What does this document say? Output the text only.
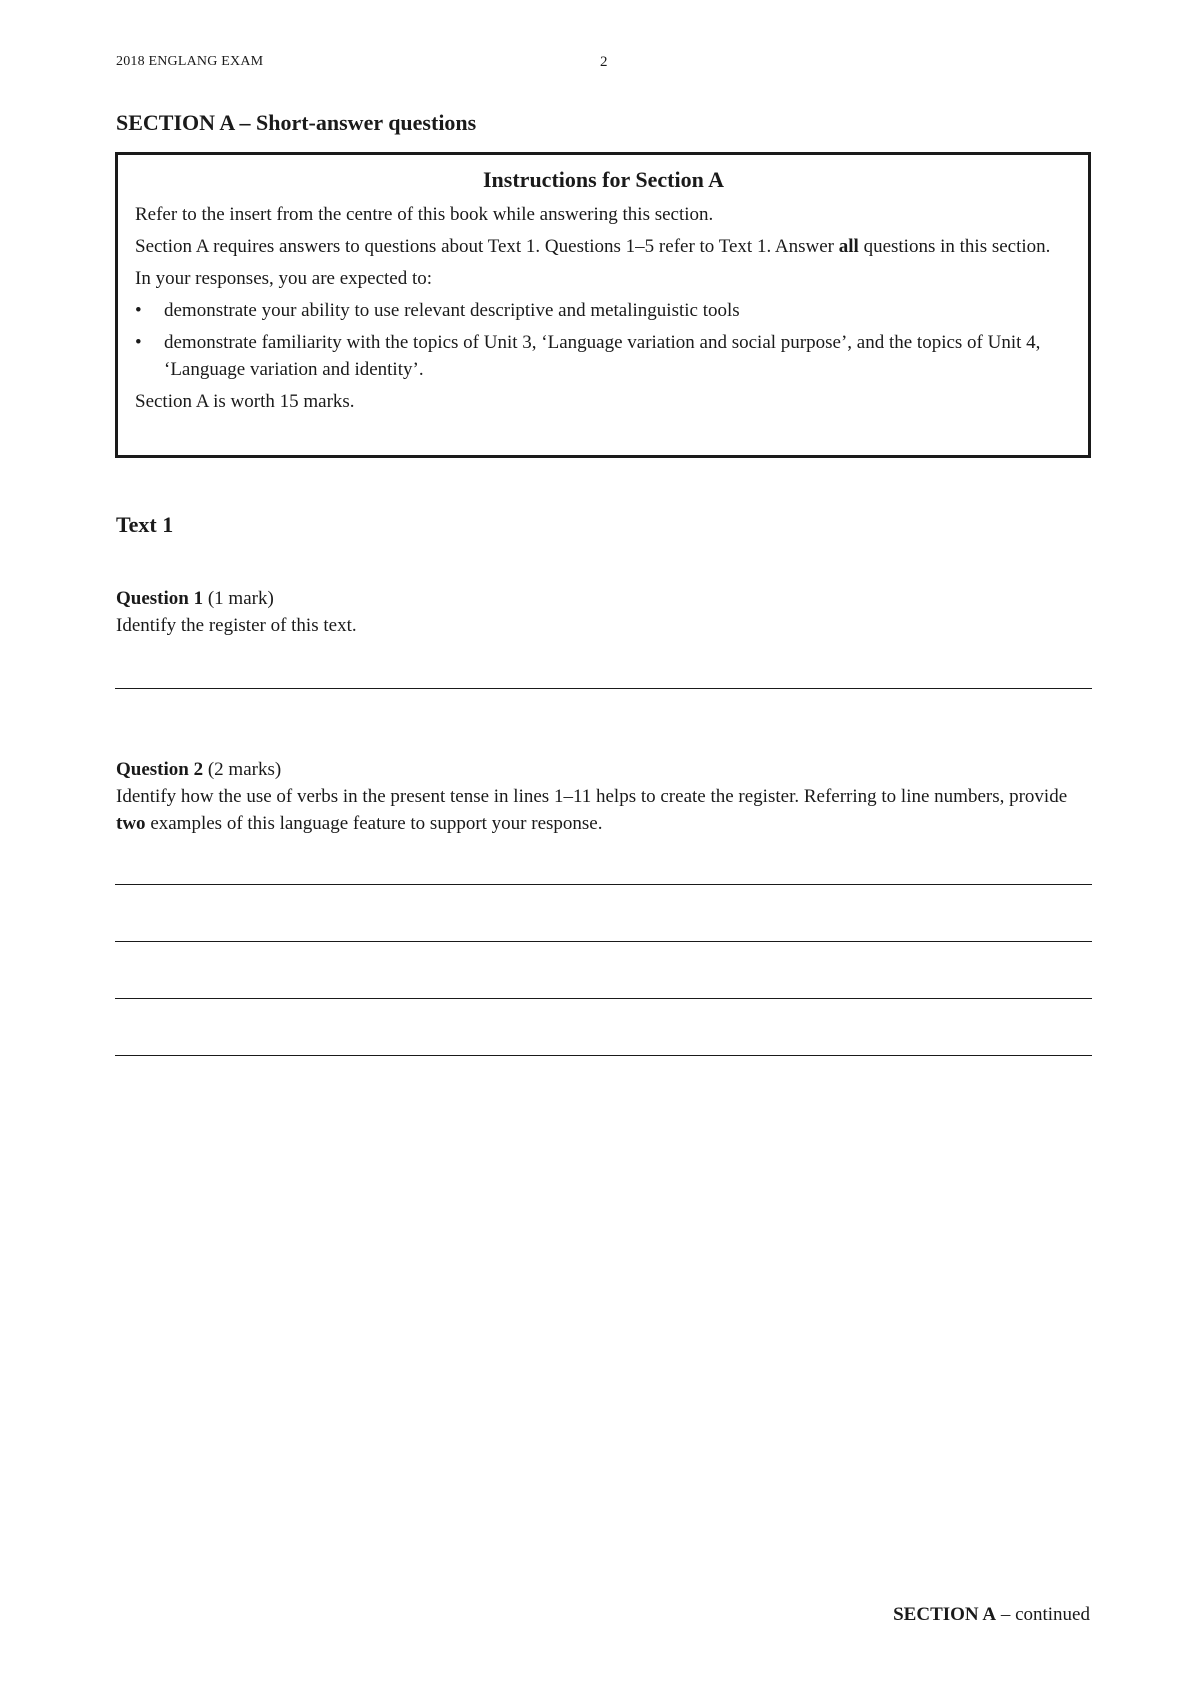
2018 ENGLANG EXAM	2
SECTION A – Short-answer questions
Instructions for Section A

Refer to the insert from the centre of this book while answering this section.

Section A requires answers to questions about Text 1. Questions 1–5 refer to Text 1. Answer all questions in this section.

In your responses, you are expected to:

• demonstrate your ability to use relevant descriptive and metalinguistic tools
• demonstrate familiarity with the topics of Unit 3, ‘Language variation and social purpose’, and the topics of Unit 4, ‘Language variation and identity’.

Section A is worth 15 marks.

Text 1

Question 1 (1 mark)

Identify the register of this text.

Question 2 (2 marks)

Identify how the use of verbs in the present tense in lines 1–11 helps to create the register. Referring to line numbers, provide two examples of this language feature to support your response.

SECTION A – continued
